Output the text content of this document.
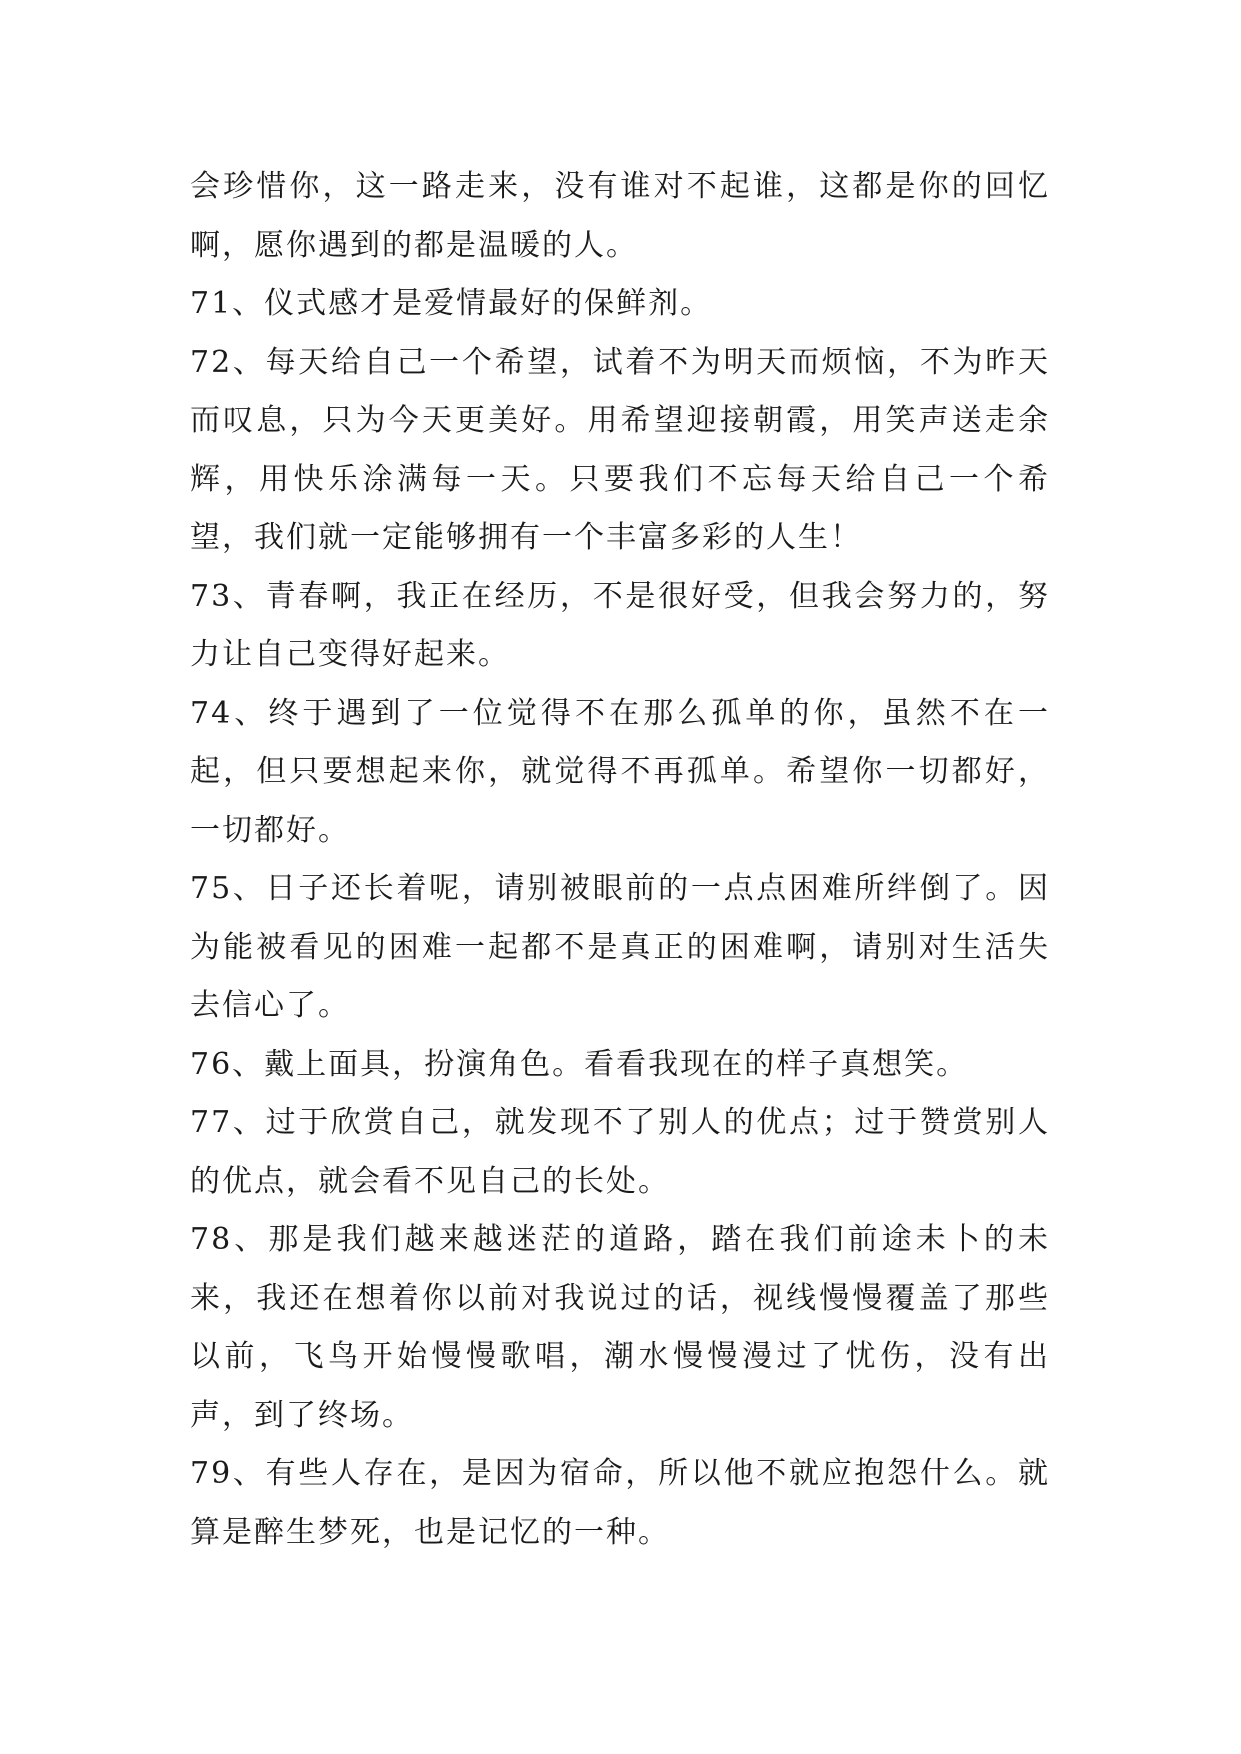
会珍惜你，这一路走来，没有谁对不起谁，这都是你的回忆啊，愿你遇到的都是温暖的人。

71、仪式感才是爱情最好的保鲜剂。

72、每天给自己一个希望，试着不为明天而烦恼，不为昨天而叹息，只为今天更美好。用希望迎接朝霞，用笑声送走余辉，用快乐涂满每一天。只要我们不忘每天给自己一个希望，我们就一定能够拥有一个丰富多彩的人生！

73、青春啊，我正在经历，不是很好受，但我会努力的，努力让自己变得好起来。

74、终于遇到了一位觉得不在那么孤单的你，虽然不在一起，但只要想起来你，就觉得不再孤单。希望你一切都好，一切都好。

75、日子还长着呢，请别被眼前的一点点困难所绊倒了。因为能被看见的困难一起都不是真正的困难啊，请别对生活失去信心了。

76、戴上面具，扮演角色。看看我现在的样子真想笑。

77、过于欣赏自己，就发现不了别人的优点；过于赞赏别人的优点，就会看不见自己的长处。

78、那是我们越来越迷茫的道路，踏在我们前途未卜的未来，我还在想着你以前对我说过的话，视线慢慢覆盖了那些以前，飞鸟开始慢慢歌唱，潮水慢慢漫过了忧伤，没有出声，到了终场。

79、有些人存在，是因为宿命，所以他不就应抱怨什么。就算是醉生梦死，也是记忆的一种。
